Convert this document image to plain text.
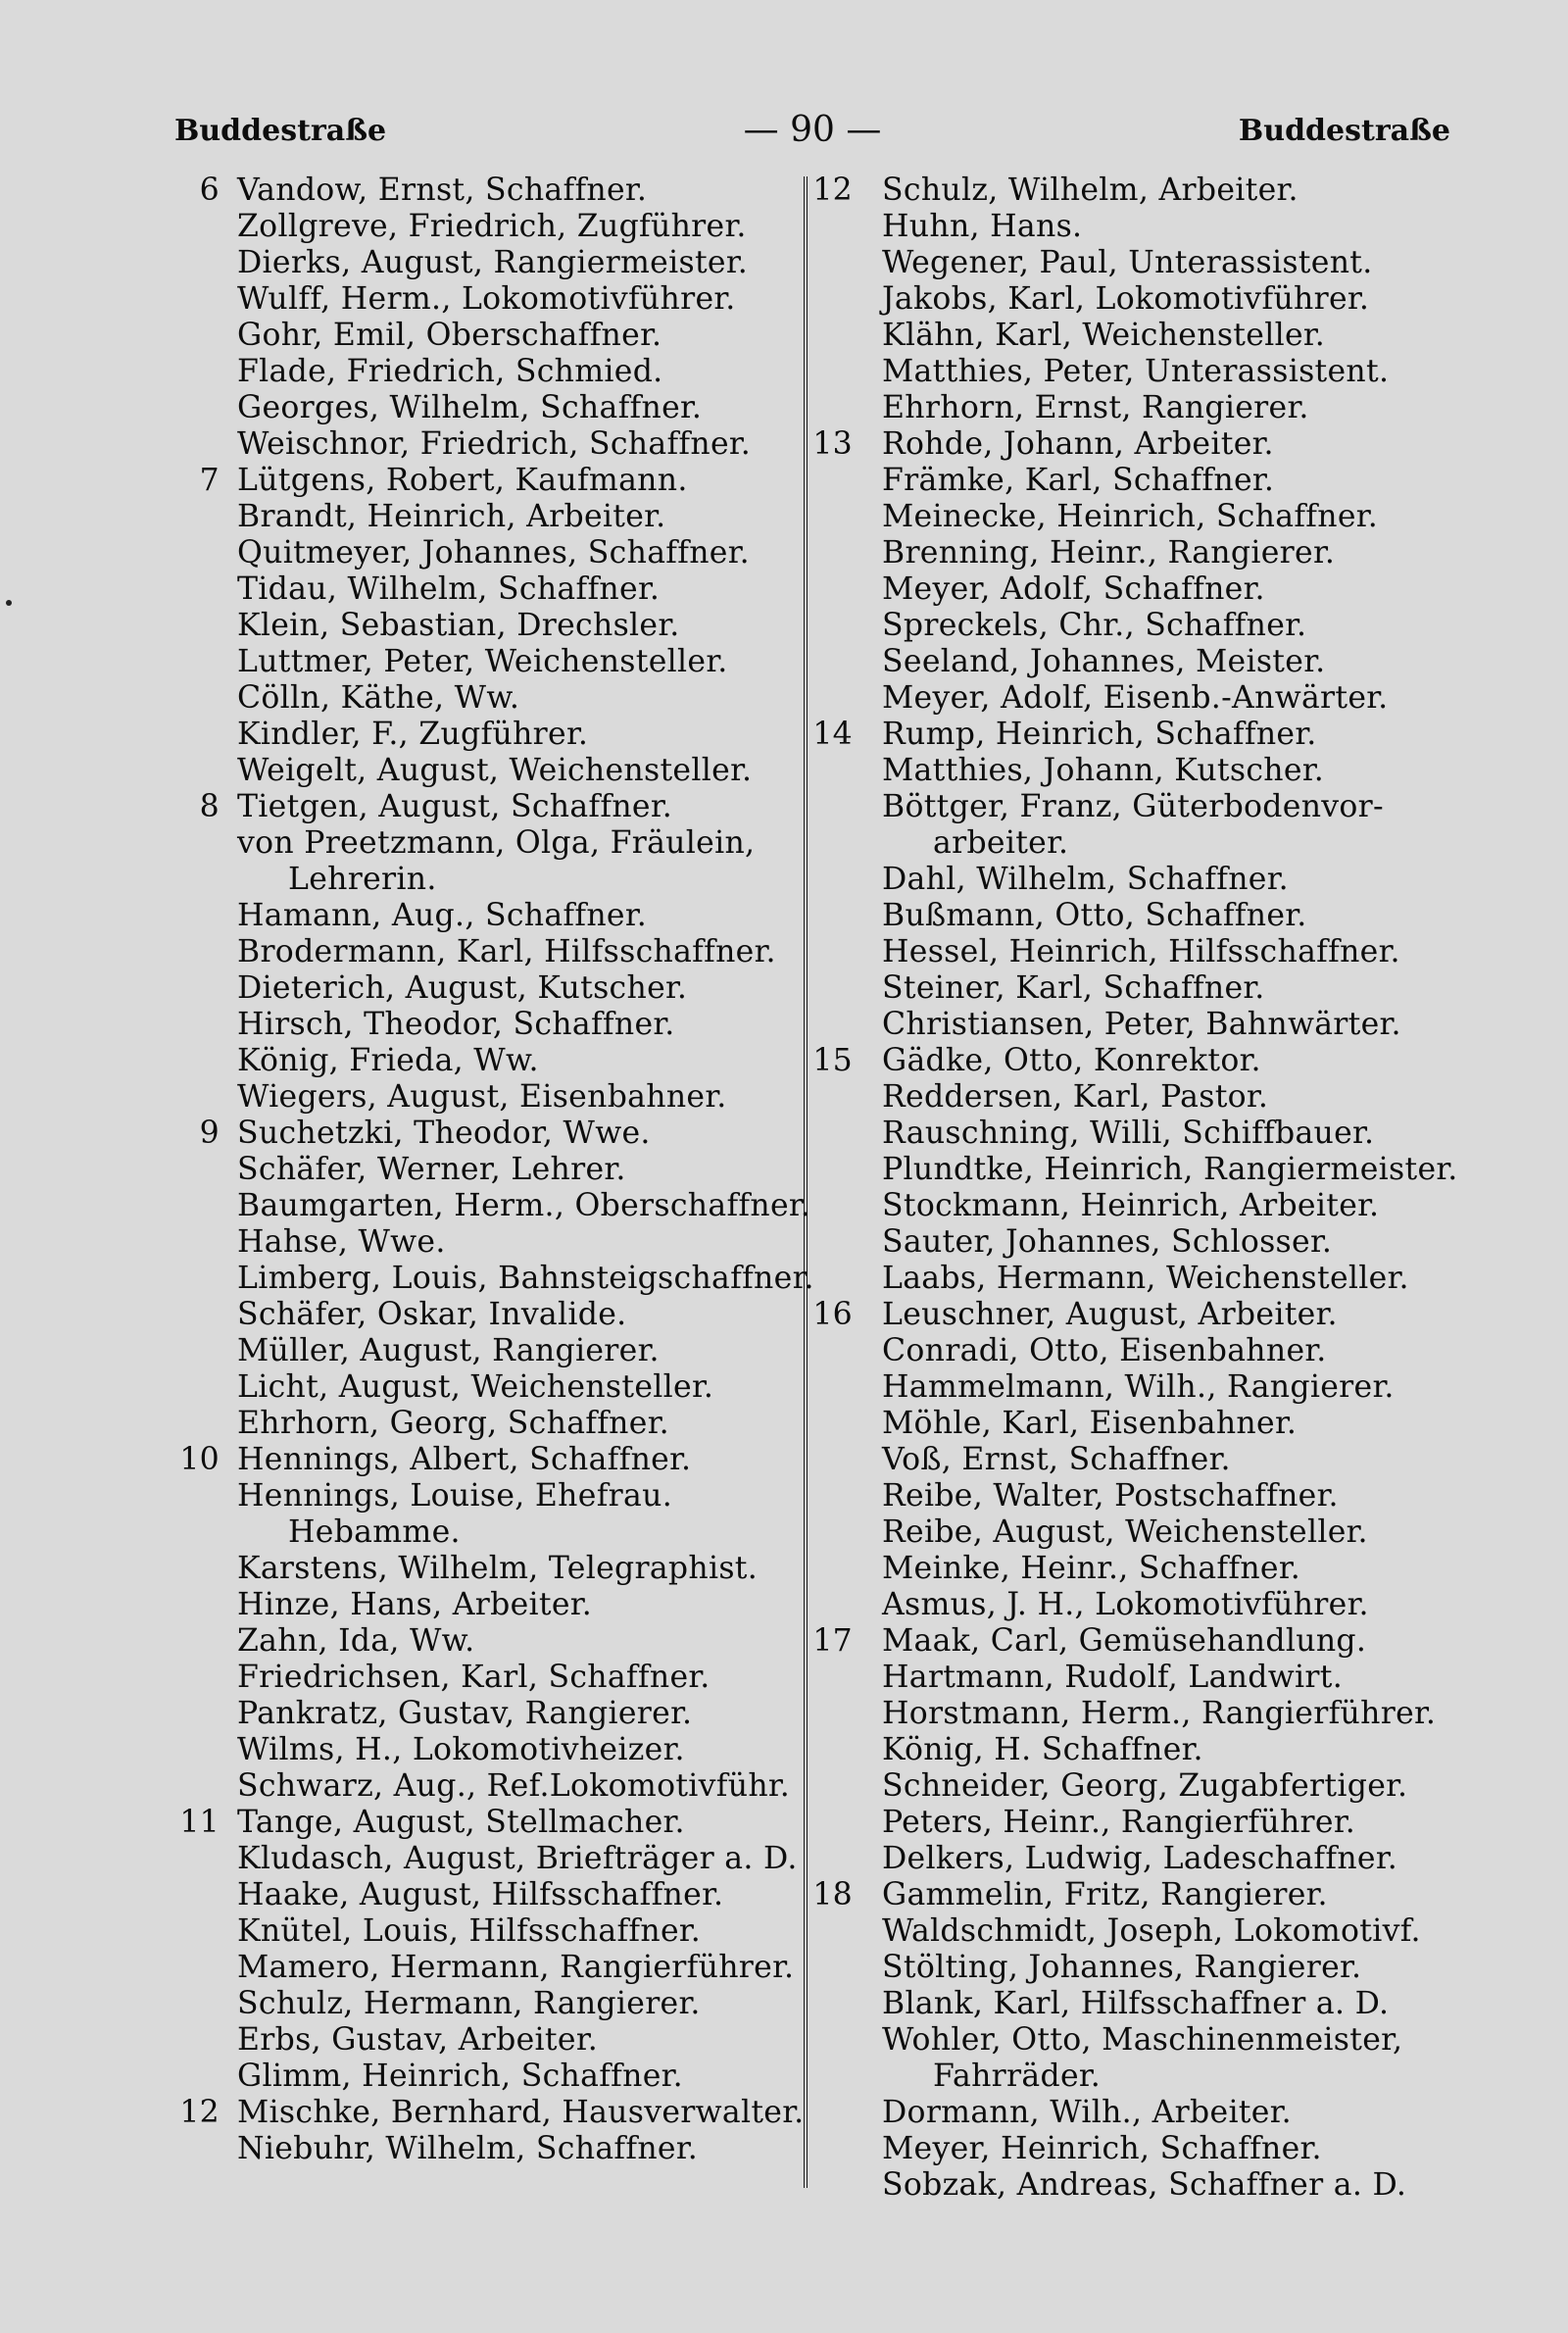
Buddestraße	— 90 —	Buddestraße
6 Vandow, Ernst, Schaffner.
Zollgreve, Friedrich, Zugführer.
Dierks, August, Rangiermeister.
Wulff, Herm., Lokomotivführer.
Gohr, Emil, Oberschaffner.
Flade, Friedrich, Schmied.
Georges, Wilhelm, Schaffner.
Weischnor, Friedrich, Schaffner.
7 Lütgens, Robert, Kaufmann.
Brandt, Heinrich, Arbeiter.
Quitmeyer, Johannes, Schaffner.
Tidau, Wilhelm, Schaffner.
Klein, Sebastian, Drechsler.
Luttmer, Peter, Weichensteller.
Cölln, Käthe, Ww.
Kindler, F., Zugführer.
Weigelt, August, Weichensteller.
8 Tietgen, August, Schaffner.
von Preetzmann, Olga, Fräulein,
Lehrerin.
Hamann, Aug., Schaffner.
Brodermann, Karl, Hilfsschaffner.
Dieterich, August, Kutscher.
Hirsch, Theodor, Schaffner.
König, Frieda, Ww.
Wiegers, August, Eisenbahner.
9 Suchetzki, Theodor, Wwe.
Schäfer, Werner, Lehrer.
Baumgarten, Herm., Oberschaffner.
Hahse, Wwe.
Limberg, Louis, Bahnsteigschaffner.
Schäfer, Oskar, Invalide.
Müller, August, Rangierer.
Licht, August, Weichensteller.
Ehrhorn, Georg, Schaffner.
10 Hennings, Albert, Schaffner.
Hennings, Louise, Ehefrau.
Hebamme.
Karstens, Wilhelm, Telegraphist.
Hinze, Hans, Arbeiter.
Zahn, Ida, Ww.
Friedrichsen, Karl, Schaffner.
Pankratz, Gustav, Rangierer.
Wilms, H., Lokomotivheizer.
Schwarz, Aug., Ref.Lokomotivführ.
11 Tange, August, Stellmacher.
Kludasch, August, Briefträger a. D.
Haake, August, Hilfsschaffner.
Knütel, Louis, Hilfsschaffner.
Mamero, Hermann, Rangierführer.
Schulz, Hermann, Rangierer.
Erbs, Gustav, Arbeiter.
Glimm, Heinrich, Schaffner.
12 Mischke, Bernhard, Hausverwalter.
Niebuhr, Wilhelm, Schaffner.
12 Schulz, Wilhelm, Arbeiter.
Huhn, Hans.
Wegener, Paul, Unterassistent.
Jakobs, Karl, Lokomotivführer.
Klähn, Karl, Weichensteller.
Matthies, Peter, Unterassistent.
Ehrhorn, Ernst, Rangierer.
13 Rohde, Johann, Arbeiter.
Främke, Karl, Schaffner.
Meinecke, Heinrich, Schaffner.
Brenning, Heinr., Rangierer.
Meyer, Adolf, Schaffner.
Spreckels, Chr., Schaffner.
Seeland, Johannes, Meister.
Meyer, Adolf, Eisenb.-Anwärter.
14 Rump, Heinrich, Schaffner.
Matthies, Johann, Kutscher.
Böttger, Franz, Güterbodenvor-
arbeiter.
Dahl, Wilhelm, Schaffner.
Bußmann, Otto, Schaffner.
Hessel, Heinrich, Hilfsschaffner.
Steiner, Karl, Schaffner.
Christiansen, Peter, Bahnwärter.
15 Gädke, Otto, Konrektor.
Reddersen, Karl, Pastor.
Rauschning, Willi, Schiffbauer.
Plundtke, Heinrich, Rangiermeister.
Stockmann, Heinrich, Arbeiter.
Sauter, Johannes, Schlosser.
Laabs, Hermann, Weichensteller.
16 Leuschner, August, Arbeiter.
Conradi, Otto, Eisenbahner.
Hammelmann, Wilh., Rangierer.
Möhle, Karl, Eisenbahner.
Voß, Ernst, Schaffner.
Reibe, Walter, Postschaffner.
Reibe, August, Weichensteller.
Meinke, Heinr., Schaffner.
Asmus, J. H., Lokomotivführer.
17 Maak, Carl, Gemüsehandlung.
Hartmann, Rudolf, Landwirt.
Horstmann, Herm., Rangierführer.
König, H. Schaffner.
Schneider, Georg, Zugabfertiger.
Peters, Heinr., Rangierführer.
Delkers, Ludwig, Ladeschaffner.
18 Gammelin, Fritz, Rangierer.
Waldschmidt, Joseph, Lokomotivf.
Stölting, Johannes, Rangierer.
Blank, Karl, Hilfsschaffner a. D.
Wohler, Otto, Maschinenmeister,
Fahrräder.
Dormann, Wilh., Arbeiter.
Meyer, Heinrich, Schaffner.
Sobzak, Andreas, Schaffner a. D.
